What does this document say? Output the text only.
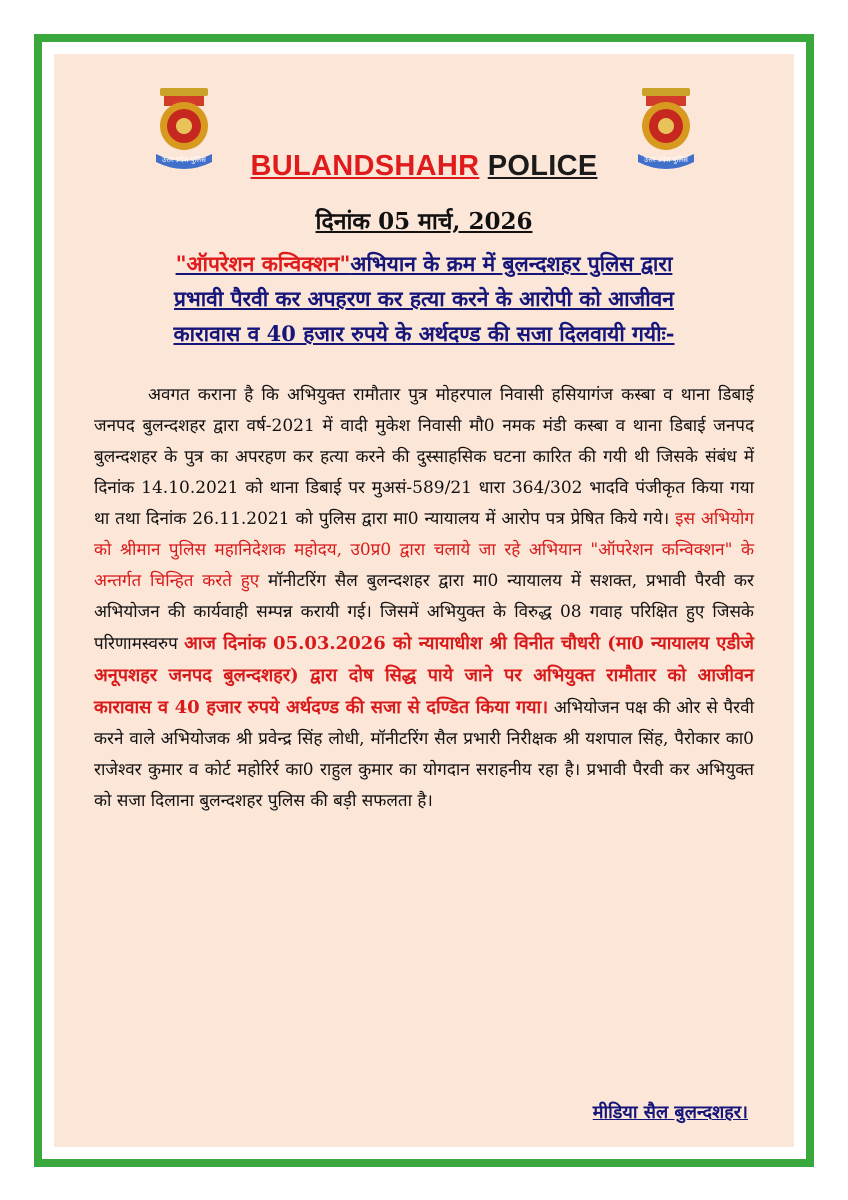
उत्तर प्रदेश पुलिस	उत्तर प्रदेश पुलिस
BULANDSHAHR POLICE
दिनांक 05 मार्च, 2026
"ऑपरेशन कन्विक्शन"अभियान के क्रम में बुलन्दशहर पुलिस द्वारा
प्रभावी पैरवी कर अपहरण कर हत्या करने के आरोपी को आजीवन
कारावास व 40 हजार रुपये के अर्थदण्ड की सजा दिलवायी गयीः-

अवगत कराना है कि अभियुक्त रामौतार पुत्र मोहरपाल निवासी हसियागंज कस्बा व थाना डिबाई जनपद बुलन्दशहर द्वारा वर्ष-2021 में वादी मुकेश निवासी मौ0 नमक मंडी कस्बा व थाना डिबाई जनपद बुलन्दशहर के पुत्र का अपरहण कर हत्या करने की दुस्साहसिक घटना कारित की गयी थी जिसके संबंध में दिनांक 14.10.2021 को थाना डिबाई पर मुअसं-589/21 धारा 364/302 भादवि पंजीकृत किया गया था तथा दिनांक 26.11.2021 को पुलिस द्वारा मा0 न्यायालय में आरोप पत्र प्रेषित किये गये। इस अभियोग को श्रीमान पुलिस महानिदेशक महोदय, उ0प्र0 द्वारा चलाये जा रहे अभियान "ऑपरेशन कन्विक्शन" के अन्तर्गत चिन्हित करते हुए मॉनीटरिंग सैल बुलन्दशहर द्वारा मा0 न्यायालय में सशक्त, प्रभावी पैरवी कर अभियोजन की कार्यवाही सम्पन्न करायी गई। जिसमें अभियुक्त के विरुद्ध 08 गवाह परिक्षित हुए जिसके परिणामस्वरुप आज दिनांक 05.03.2026 को न्यायाधीश श्री विनीत चौधरी (मा0 न्यायालय एडीजे अनूपशहर जनपद बुलन्दशहर) द्वारा दोष सिद्ध पाये जाने पर अभियुक्त रामौतार को आजीवन कारावास व 40 हजार रुपये अर्थदण्ड की सजा से दण्डित किया गया। अभियोजन पक्ष की ओर से पैरवी करने वाले अभियोजक श्री प्रवेन्द्र सिंह लोधी, मॉनीटरिंग सैल प्रभारी निरीक्षक श्री यशपाल सिंह, पैरोकार का0 राजेश्वर कुमार व कोर्ट महोरिर्र का0 राहुल कुमार का योगदान सराहनीय रहा है। प्रभावी पैरवी कर अभियुक्त को सजा दिलाना बुलन्दशहर पुलिस की बड़ी सफलता है।

मीडिया सैल बुलन्दशहर।
